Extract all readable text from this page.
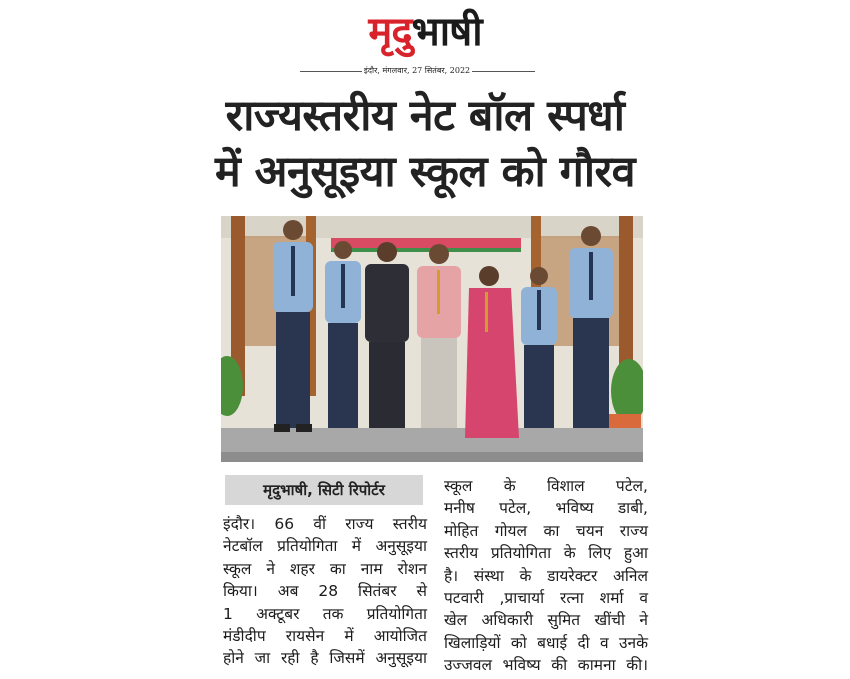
मृदुभाषी
इंदौर, मंगलवार, 27 सितंबर, 2022
राज्यस्तरीय नेट बॉल स्पर्धा
में अनुसूइया स्कूल को गौरव
मृदुभाषी, सिटी रिपोर्टर
इंदौर। 66 वीं राज्य स्तरीय
नेटबॉल प्रतियोगिता में अनुसूइया
स्कूल ने शहर का नाम रोशन
किया। अब 28 सितंबर से
1 अक्टूबर तक प्रतियोगिता
मंडीदीप रायसेन में आयोजित
होने जा रही है जिसमें अनुसूइया
स्कूल के विशाल पटेल,
मनीष पटेल, भविष्य डाबी,
मोहित गोयल का चयन राज्य
स्तरीय प्रतियोगिता के लिए हुआ
है। संस्था के डायरेक्टर अनिल
पटवारी ,प्राचार्या रत्ना शर्मा व
खेल अधिकारी सुमित खींची ने
खिलाड़ियों को बधाई दी व उनके
उज्जवल भविष्य की कामना की।
